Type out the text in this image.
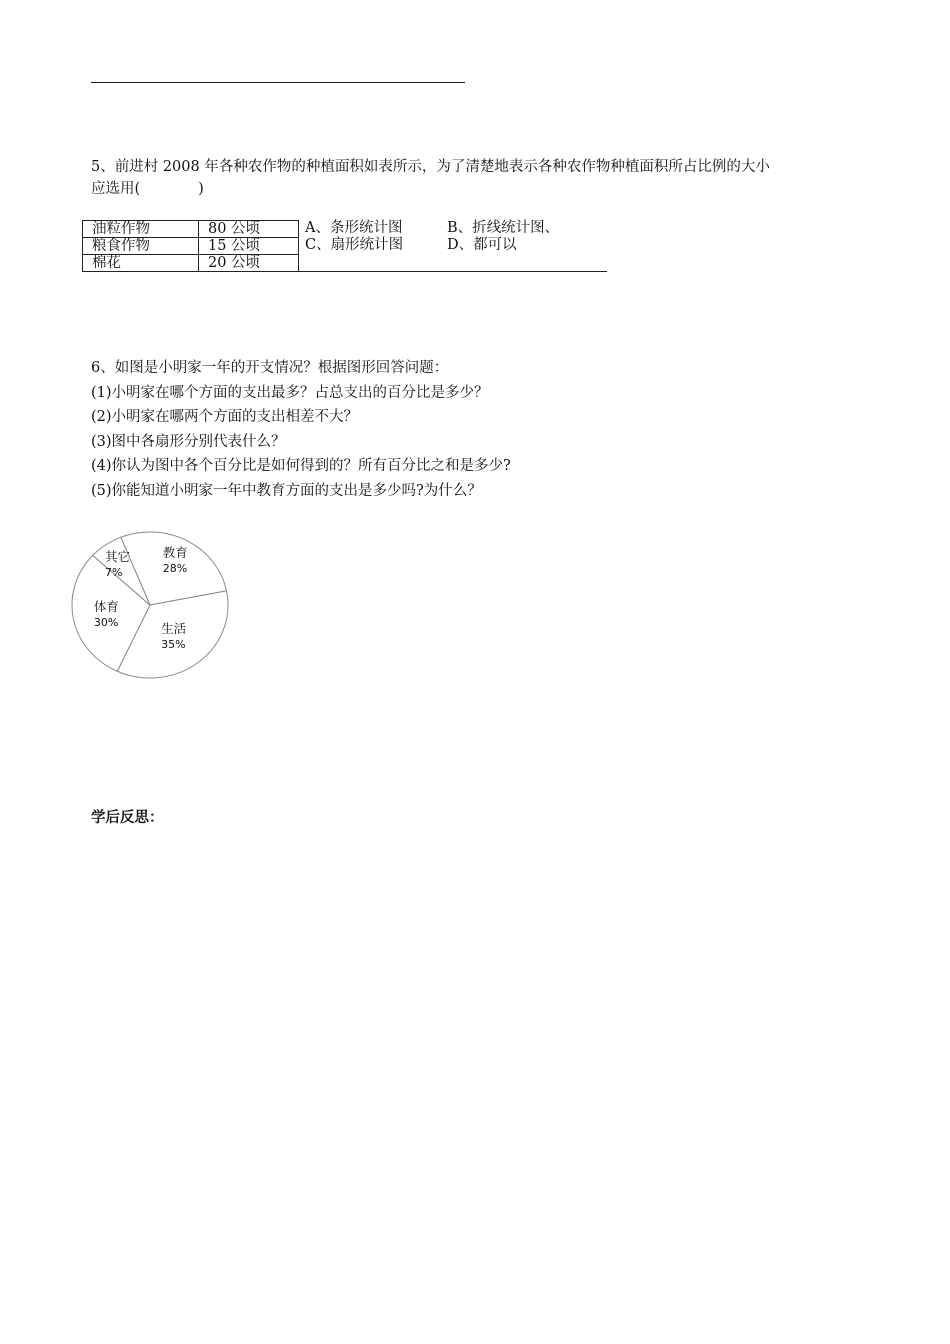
5、前进村 2008 年各种农作物的种植面积如表所示，为了清楚地表示各种农作物种植面积所占比例的大小
应选用(　　　　)
油粒作物	80 公顷
粮食作物	15 公顷
棉花	20 公顷
A、条形统计图	B、折线统计图、
C、扇形统计图	D、都可以
6、如图是小明家一年的开支情况？根据图形回答问题：
(1)小明家在哪个方面的支出最多？占总支出的百分比是多少？
(2)小明家在哪两个方面的支出相差不大？
(3)图中各扇形分别代表什么？
(4)你认为图中各个百分比是如何得到的？所有百分比之和是多少?
(5)你能知道小明家一年中教育方面的支出是多少吗?为什么？
教育
28%
生活
35%
体育
30%
其它
7%
学后反思：
